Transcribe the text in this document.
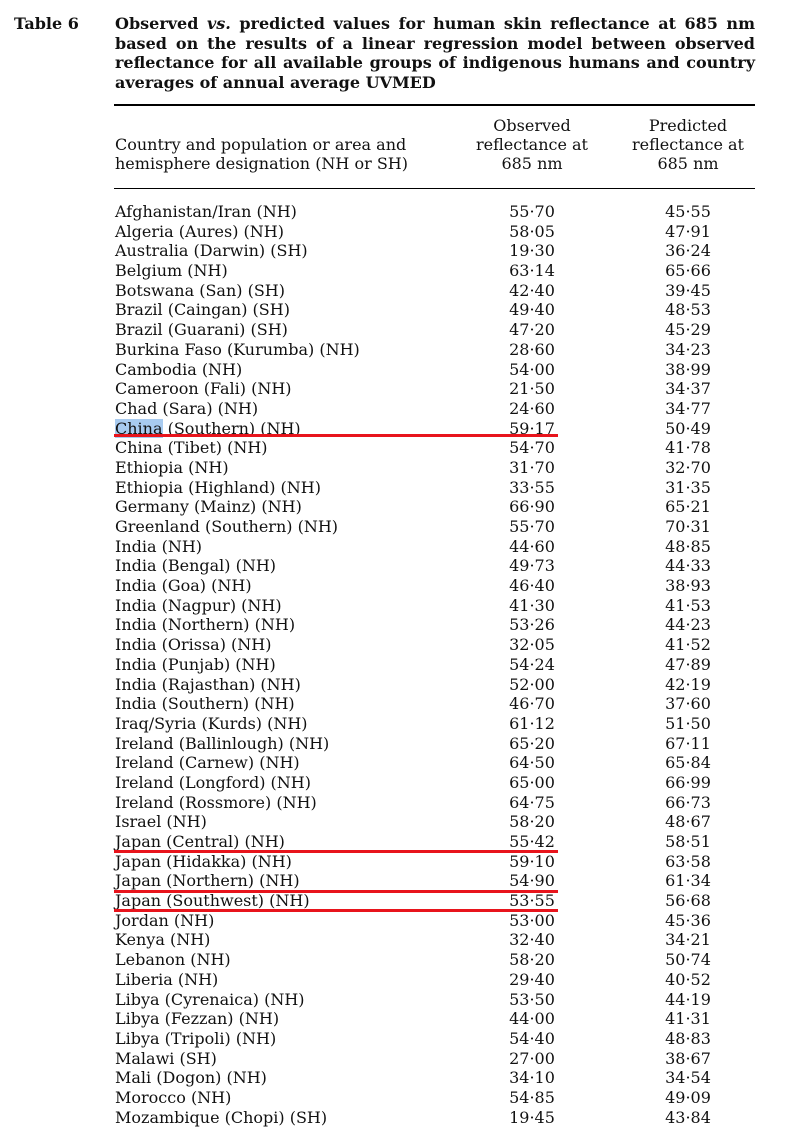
Table 6 Observed vs. predicted values for human skin reflectance at 685 nm based on the results of a linear regression model between observed reflectance for all available groups of indigenous humans and country averages of annual average UVMED
Country and population or area and hemisphere designation (NH or SH)
Observed reflectance at 685 nm
Predicted reflectance at 685 nm
Afghanistan/Iran (NH)	55·70	45·55
Algeria (Aures) (NH)	58·05	47·91
Australia (Darwin) (SH)	19·30	36·24
Belgium (NH)	63·14	65·66
Botswana (San) (SH)	42·40	39·45
Brazil (Caingan) (SH)	49·40	48·53
Brazil (Guarani) (SH)	47·20	45·29
Burkina Faso (Kurumba) (NH)	28·60	34·23
Cambodia (NH)	54·00	38·99
Cameroon (Fali) (NH)	21·50	34·37
Chad (Sara) (NH)	24·60	34·77
China (Southern) (NH)	59·17	50·49
China (Tibet) (NH)	54·70	41·78
Ethiopia (NH)	31·70	32·70
Ethiopia (Highland) (NH)	33·55	31·35
Germany (Mainz) (NH)	66·90	65·21
Greenland (Southern) (NH)	55·70	70·31
India (NH)	44·60	48·85
India (Bengal) (NH)	49·73	44·33
India (Goa) (NH)	46·40	38·93
India (Nagpur) (NH)	41·30	41·53
India (Northern) (NH)	53·26	44·23
India (Orissa) (NH)	32·05	41·52
India (Punjab) (NH)	54·24	47·89
India (Rajasthan) (NH)	52·00	42·19
India (Southern) (NH)	46·70	37·60
Iraq/Syria (Kurds) (NH)	61·12	51·50
Ireland (Ballinlough) (NH)	65·20	67·11
Ireland (Carnew) (NH)	64·50	65·84
Ireland (Longford) (NH)	65·00	66·99
Ireland (Rossmore) (NH)	64·75	66·73
Israel (NH)	58·20	48·67
Japan (Central) (NH)	55·42	58·51
Japan (Hidakka) (NH)	59·10	63·58
Japan (Northern) (NH)	54·90	61·34
Japan (Southwest) (NH)	53·55	56·68
Jordan (NH)	53·00	45·36
Kenya (NH)	32·40	34·21
Lebanon (NH)	58·20	50·74
Liberia (NH)	29·40	40·52
Libya (Cyrenaica) (NH)	53·50	44·19
Libya (Fezzan) (NH)	44·00	41·31
Libya (Tripoli) (NH)	54·40	48·83
Malawi (SH)	27·00	38·67
Mali (Dogon) (NH)	34·10	34·54
Morocco (NH)	54·85	49·09
Mozambique (Chopi) (SH)	19·45	43·84
